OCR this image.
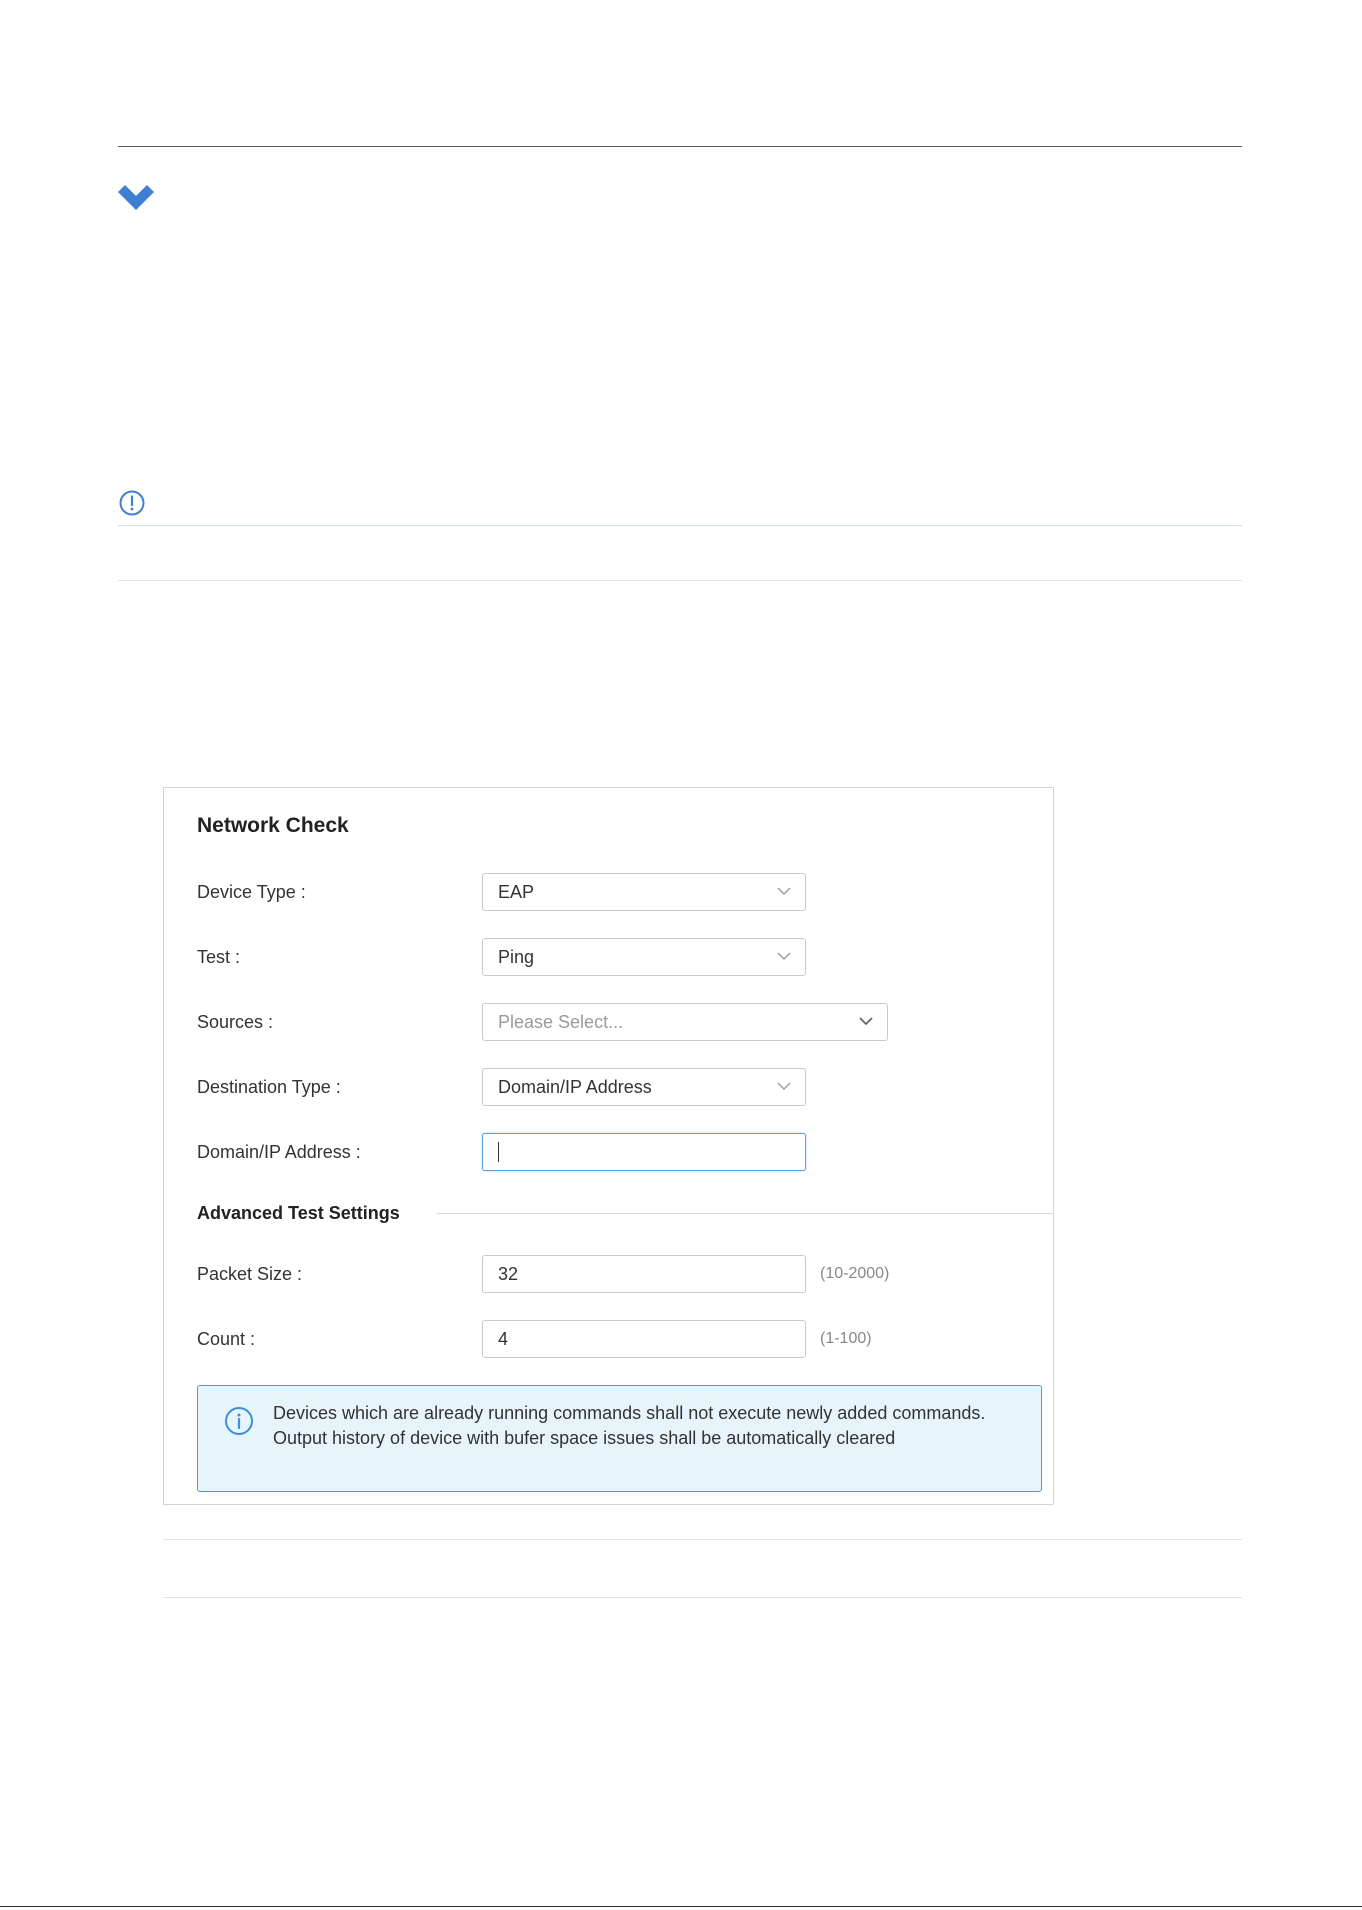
Network Check
Device Type :	EAP
Test :	Ping
Sources :	Please Select...
Destination Type :	Domain/IP Address
Domain/IP Address :
Advanced Test Settings
Packet Size :	32	(10-2000)
Count :	4	(1-100)
Devices which are already running commands shall not execute newly added commands. Output history of device with bufer space issues shall be automatically cleared
